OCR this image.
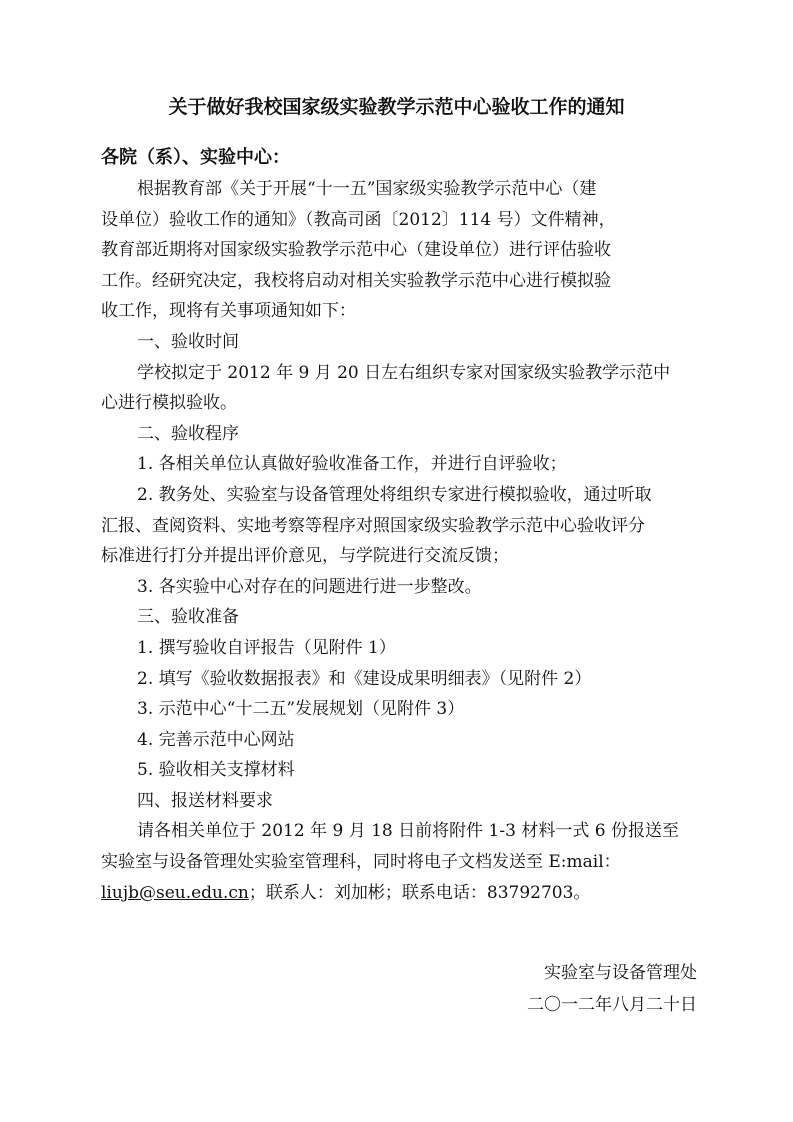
关于做好我校国家级实验教学示范中心验收工作的通知
各院（系）、实验中心：
根据教育部《关于开展“十一五”国家级实验教学示范中心（建
设单位）验收工作的通知》（教高司函〔2012〕114 号）文件精神，
教育部近期将对国家级实验教学示范中心（建设单位）进行评估验收
工作。经研究决定，我校将启动对相关实验教学示范中心进行模拟验
收工作，现将有关事项通知如下：
一、验收时间
学校拟定于 2012 年 9 月 20 日左右组织专家对国家级实验教学示范中
心进行模拟验收。
二、验收程序
1. 各相关单位认真做好验收准备工作，并进行自评验收；
2. 教务处、实验室与设备管理处将组织专家进行模拟验收，通过听取
汇报、查阅资料、实地考察等程序对照国家级实验教学示范中心验收评分
标准进行打分并提出评价意见，与学院进行交流反馈；
3. 各实验中心对存在的问题进行进一步整改。
三、验收准备
1. 撰写验收自评报告（见附件 1）
2. 填写《验收数据报表》和《建设成果明细表》（见附件 2）
3. 示范中心“十二五”发展规划（见附件 3）
4. 完善示范中心网站
5. 验收相关支撑材料
四、报送材料要求
请各相关单位于 2012 年 9 月 18 日前将附件 1-3 材料一式 6 份报送至
实验室与设备管理处实验室管理科，同时将电子文档发送至 E:mail：
liujb@seu.edu.cn；联系人：刘加彬；联系电话：83792703。
实验室与设备管理处
二〇一二年八月二十日
